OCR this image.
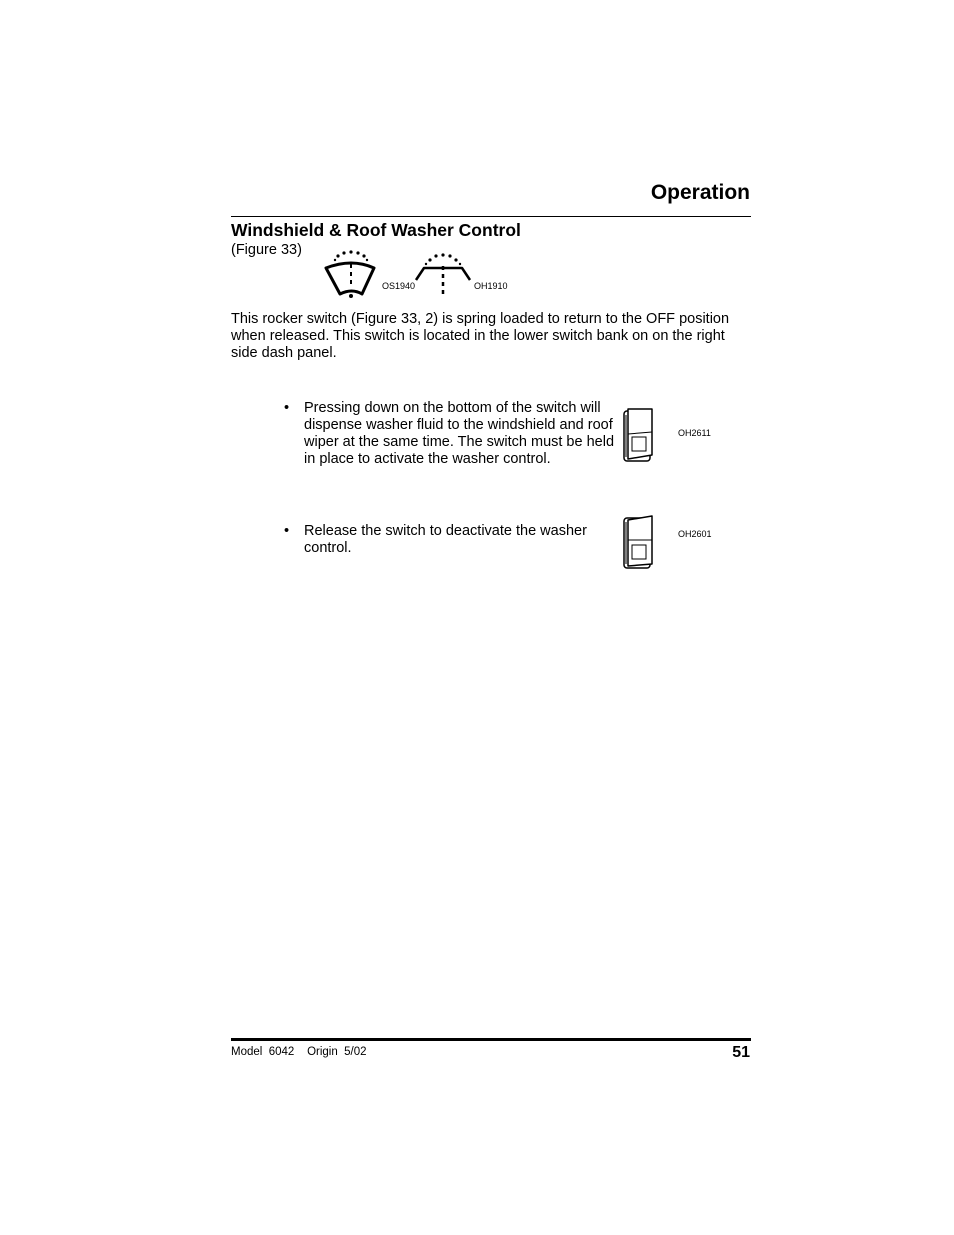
Operation
Windshield & Roof Washer Control
(Figure 33)
OS1940	OH1910
This rocker switch (Figure 33, 2) is spring loaded to return to the OFF position when released. This switch is located in the lower switch bank on on the right side dash panel.
• Pressing down on the bottom of the switch will dispense washer fluid to the windshield and roof wiper at the same time. The switch must be held in place to activate the washer control.
OH2611
• Release the switch to deactivate the washer control.
OH2601
Model  6042    Origin  5/02	51
